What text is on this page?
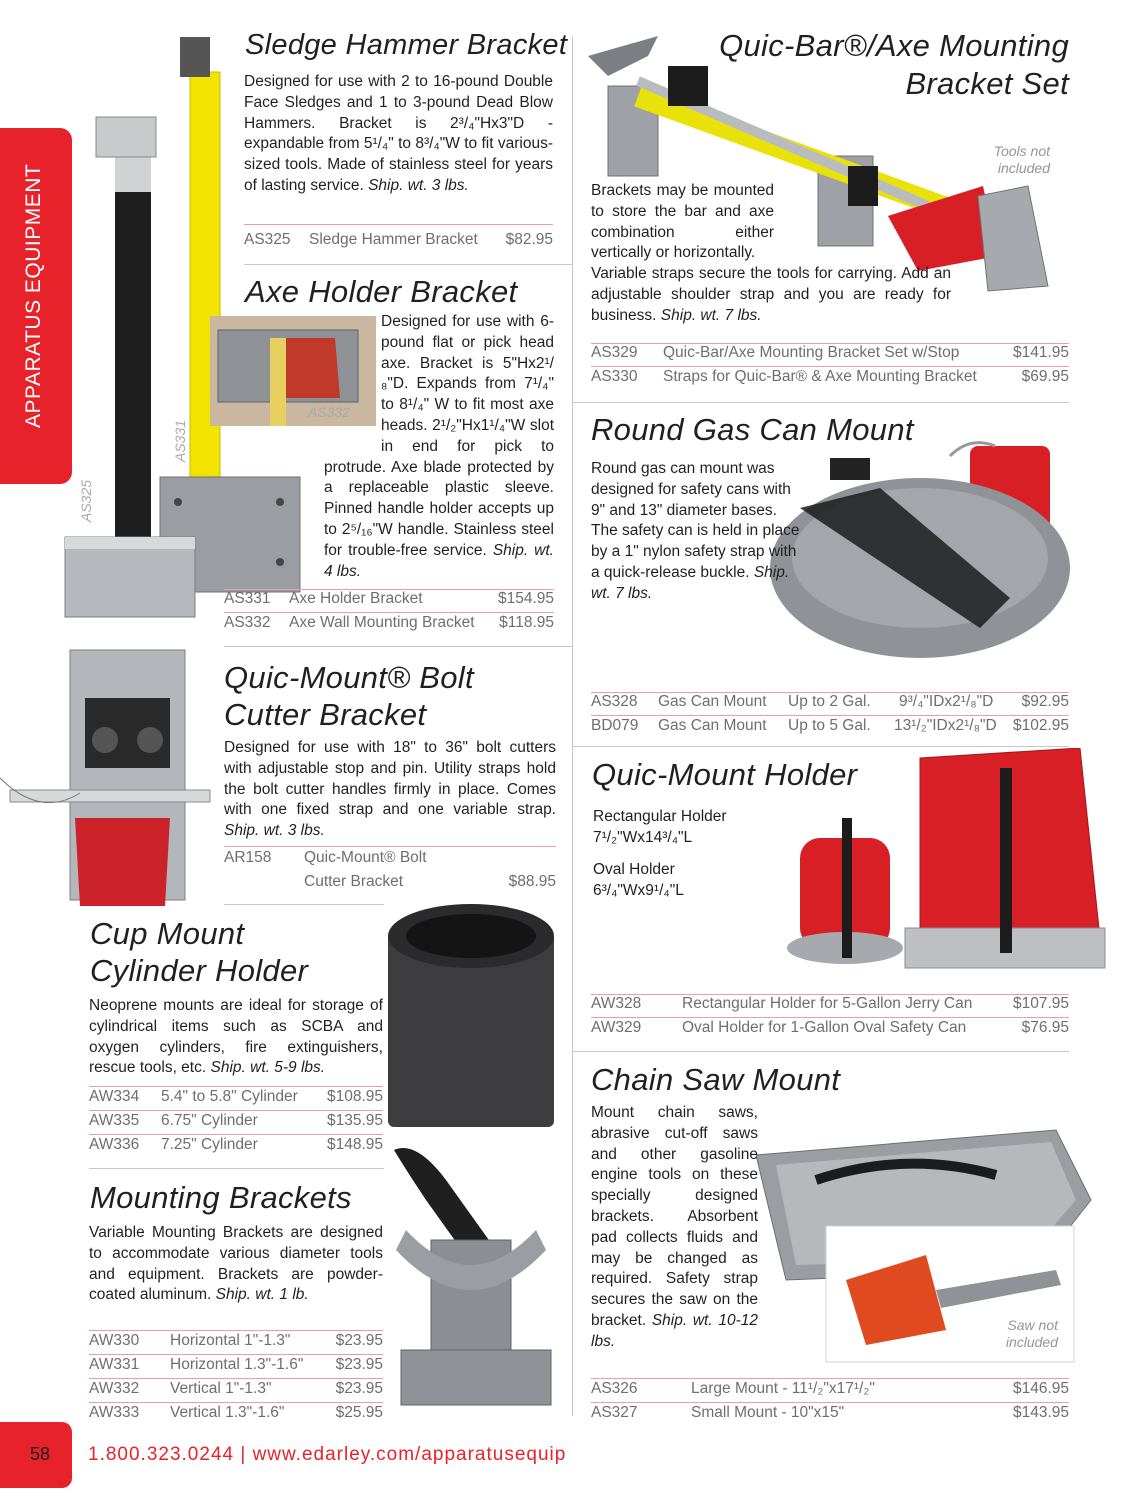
APPARATUS EQUIPMENT
AS325
AS331
Sledge Hammer Bracket
Designed for use with 2 to 16-pound Double Face Sledges and 1 to 3-pound Dead Blow Hammers. Bracket is 2³/₄"Hx3"D - expandable from 5¹/₄" to 8³/₄"W to fit various-sized tools. Made of stainless steel for years of lasting service. Ship. wt. 3 lbs.
AS325 Sledge Hammer Bracket $82.95
Axe Holder Bracket
AS332
Designed for use with 6-pound flat or pick head axe. Bracket is 5"Hx2¹/₈"D. Expands from 7¹/₄" to 8¹/₄" W to fit most axe heads. 2¹/₂"Hx1¹/₄"W slot in end for pick to protrude. Axe blade protected by a replaceable plastic sleeve. Pinned handle holder accepts up to 2⁵/₁₆"W handle. Stainless steel for trouble-free service. Ship. wt. 4 lbs.
AS331 Axe Holder Bracket	$154.95
AS332 Axe Wall Mounting Bracket $118.95
Quic-Mount® Bolt
Cutter Bracket
Designed for use with 18" to 36" bolt cutters with adjustable stop and pin. Utility straps hold the bolt cutter handles firmly in place. Comes with one fixed strap and one variable strap. Ship. wt. 3 lbs.
AR158 Quic-Mount® Bolt
Cutter Bracket	$88.95
Cup Mount
Cylinder Holder
Neoprene mounts are ideal for storage of cylindrical items such as SCBA and oxygen cylinders, fire extinguishers, rescue tools, etc. Ship. wt. 5-9 lbs.
AW334 5.4" to 5.8" Cylinder $108.95
AW335 6.75" Cylinder	$135.95
AW336 7.25" Cylinder	$148.95
Mounting Brackets
Variable Mounting Brackets are designed to accommodate various diameter tools and equipment. Brackets are powder-coated aluminum. Ship. wt. 1 lb.
AW330 Horizontal 1"-1.3"	$23.95
AW331 Horizontal 1.3"-1.6" $23.95
AW332 Vertical 1"-1.3"	$23.95
AW333 Vertical 1.3"-1.6"	$25.95
Quic-Bar®/Axe Mounting
Bracket Set
Tools not
included
Brackets may be mounted to store the bar and axe combination either vertically or horizontally.
Variable straps secure the tools for carrying. Add an adjustable shoulder strap and you are ready for business. Ship. wt. 7 lbs.
AS329 Quic-Bar/Axe Mounting Bracket Set w/Stop	$141.95
AS330 Straps for Quic-Bar® & Axe Mounting Bracket	$69.95
Round Gas Can Mount
Round gas can mount was designed for safety cans with 9" and 13" diameter bases. The safety can is held in place by a 1" nylon safety strap with a quick-release buckle. Ship. wt. 7 lbs.
AS328 Gas Can Mount Up to 2 Gal. 9³/₄"IDx2¹/₈"D $92.95
BD079 Gas Can Mount Up to 5 Gal. 13¹/₂"IDx2¹/₈"D $102.95
Quic-Mount Holder
Rectangular Holder
7¹/₂"Wx14³/₄"L
Oval Holder
6³/₄"Wx9¹/₄"L
AW328	Rectangular Holder for 5-Gallon Jerry Can	$107.95
AW329	Oval Holder for 1-Gallon Oval Safety Can	$76.95
Chain Saw Mount
Mount chain saws, abrasive cut-off saws and other gasoline engine tools on these specially designed brackets. Absorbent pad collects fluids and may be changed as required. Safety strap secures the saw on the bracket. Ship. wt. 10-12 lbs.
Saw not
included
AS326	Large Mount - 11¹/₂"x17¹/₂"	$146.95
AS327	Small Mount - 10"x15"	$143.95
58 1.800.323.0244 | www.edarley.com/apparatusequip
